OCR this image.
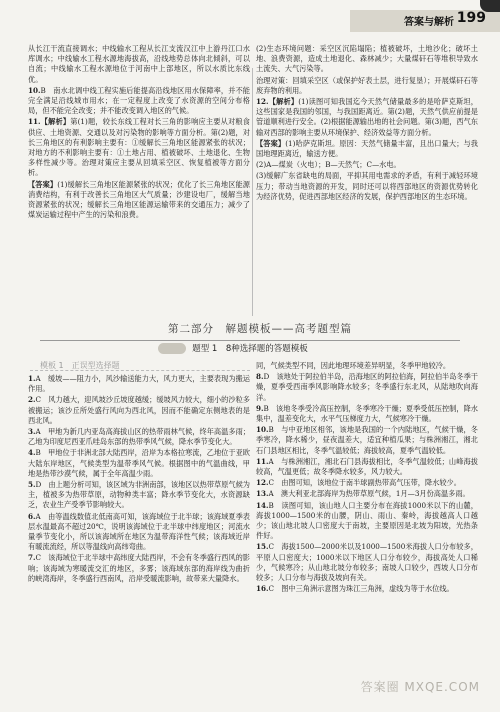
答案与解析 199
从长江干流直接调水；中线输水工程从长江支流汉江中上游丹江口水库调水；中线输水工程水源地海拔高，沿线地势总体向北倾斜，可以自流；中线输水工程水源地位于河南中上部地区，所以水质比东线优。
10.B　南水北调中线工程实施后能提高沿线地区用水保障率，并不能完全满足沿线城市用水；在一定程度上改变了水资源的空间分布格局，但不能完全改变；并不能改变调入地区的气候。
11.【解析】第(1)题，较长东线工程对长三角的影响应主要从对粮食供应、土地资源、交通以及对污染物的影响等方面分析。第(2)题，对长三角地区的有利影响主要有：①缓解长三角地区能源紧张的状况；对地方的不利影响主要有：①土地占用、植被破坏、土地退化、生物多样性减少等。治理对策应主要从回填采空区、恢复植被等方面分析。
【答案】(1)缓解长三角地区能源紧张的状况；优化了长三角地区能源消费结构，有利于改善长三角地区大气质量；沙建设电厂，缓解当地资源紧张的状况；缓解长三角地区能源运输带来的交通压力；减少了煤炭运输过程中产生的污染和浪费。
(2)生态环境问题：采空区沉陷塌陷；植被破坏，土地沙化；破坏土地、浪费资源，造成土地退化、森林减少；大量煤矸石等堆积导致水土流失、大气污染等。
治理对策：回填采空区（或保护好表土层，进行复垦）；开展煤矸石等废弃物的利用。
12.【解析】(1)读图可知我国迄今天然气储量最多的是哈萨克斯坦，这些国家是我国的邻国，与我国距离近。第(2)题，天然气供应前提是管道顺利进行安全。(2)根据能源输出地的社会问题。第(3)题，西气东输对西部的影响主要从环境保护、经济效益等方面分析。
【答案】(1)哈萨克斯坦。原因：天然气储量丰富，且出口量大；与我国地理距离近，输送方便。
(2)A—煤炭（火电）；B—天然气；C—水电。
(3)缓解广东省缺电的局面，平抑其用电需求的矛盾，有利于减轻环境压力；带动当地资源的开发，同时还可以将西部地区的资源优势转化为经济优势，促进西部地区经济的发展，保护西部地区的生态环境。
第二部分　解题模板——高考题型篇
题型 1　8种选择题的答题模板
模板 1　正误型选择题
1.A　缓坡——阻力小，风沙输送能力大，风力更大，主要表现为搬运作用。
2.C　风力越大，迎风坡沙丘坡度越缓；缓坡风力较大，细小的沙粒多被搬运；该沙丘所处盛行风向为西北风，因而不能确定东侧地表的是西北风。
3.A　甲地为新几内亚岛高海拔山区的热带雨林气候，终年高温多雨；乙地为印度尼西亚爪哇岛东部的热带季风气候，降水季节变化大。
4.B　甲地位于非洲北部大陆西岸，沿岸为本格拉寒流，乙地位于亚欧大陆东岸地区，气候类型为温带季风气候。根据图中的气温曲线，甲地是热带沙漠气候，属于全年高温少雨。
5.D　由上题分析可知，该区域为非洲南部，该地区以热带草原气候为主，植被多为热带草原，动物种类丰富；降水季节变化大，水资源缺乏，农业生产受季节影响较大。
6.A　由等温线数值北低南高可知，该海域位于北半球；该海域夏季表层水温最高不超过20℃，说明该海域位于北半球中纬度地区；河流水量季节变化小，所以该海域所在地区为温带海洋性气候；该海域近岸有暖流流经，所以等温线向高纬弯曲。
7.C　该海域位于北半球中高纬度大陆西岸，不会有冬季盛行西风的影响；该海域为寒暖流交汇的地区，多雾；该海域东部的海岸线为曲折的峡湾海岸，冬季盛行西南风，沿岸受暖流影响，故带来大量降水。
同，气候类型不同，因此地理环境差异明显，冬季甲地较冷。
8.D　该地处于阿拉伯半岛，沿海地区的阿拉伯海，阿拉伯半岛冬季干燥，夏季受西南季风影响降水较多；冬季盛行东北风，从陆地吹向海洋。
9.B　该地冬季受冷高压控制，冬季寒冷干燥；夏季受低压控制，降水集中，温差变化大，水平气压梯度力大，气候寒冷干燥。
10.B　与中亚地区相邻，该地是我国的一个内陆地区，气候干燥，冬季寒冷，降水稀少，昼夜温差大，适宜种植瓜果；与株洲湘江，湘北石门县地区相比，冬季气温较低；海拔较高，夏季气温较低。
11.A　与株洲湘江，湘北石门县海拔相比，冬季气温较低；山峰海拔较高，气温更低；故冬季降水较多，风力较大。
12.C　由图可知，该地位于南半球副热带高气压带，降水较少。
13.A　澳大利亚北部海岸为热带草原气候，1月—3月份高温多雨。
14.B　读图可知，该山地人口主要分布在海拔1000米以下的山麓，海拔1000—1500米的山腰，阴山、雨山、秦岭，海拔越高人口越少；该山地北坡人口密度大于南坡，主要原因是北坡为阳坡，光热条件好。
15.C　海拔1500—2000米以及1000—1500米海拔人口分布较多，平原人口密度大；1000米以下地区人口分布较少，海拔高处人口稀少，气候寒冷；从山地北坡分布较多；南坡人口较少，西坡人口分布较多；人口分布与海拔及坡向有关。
16.C　图中三角洲示意图为珠江三角洲，虚线为等于水位线。
答案圈 MXQE.COM
